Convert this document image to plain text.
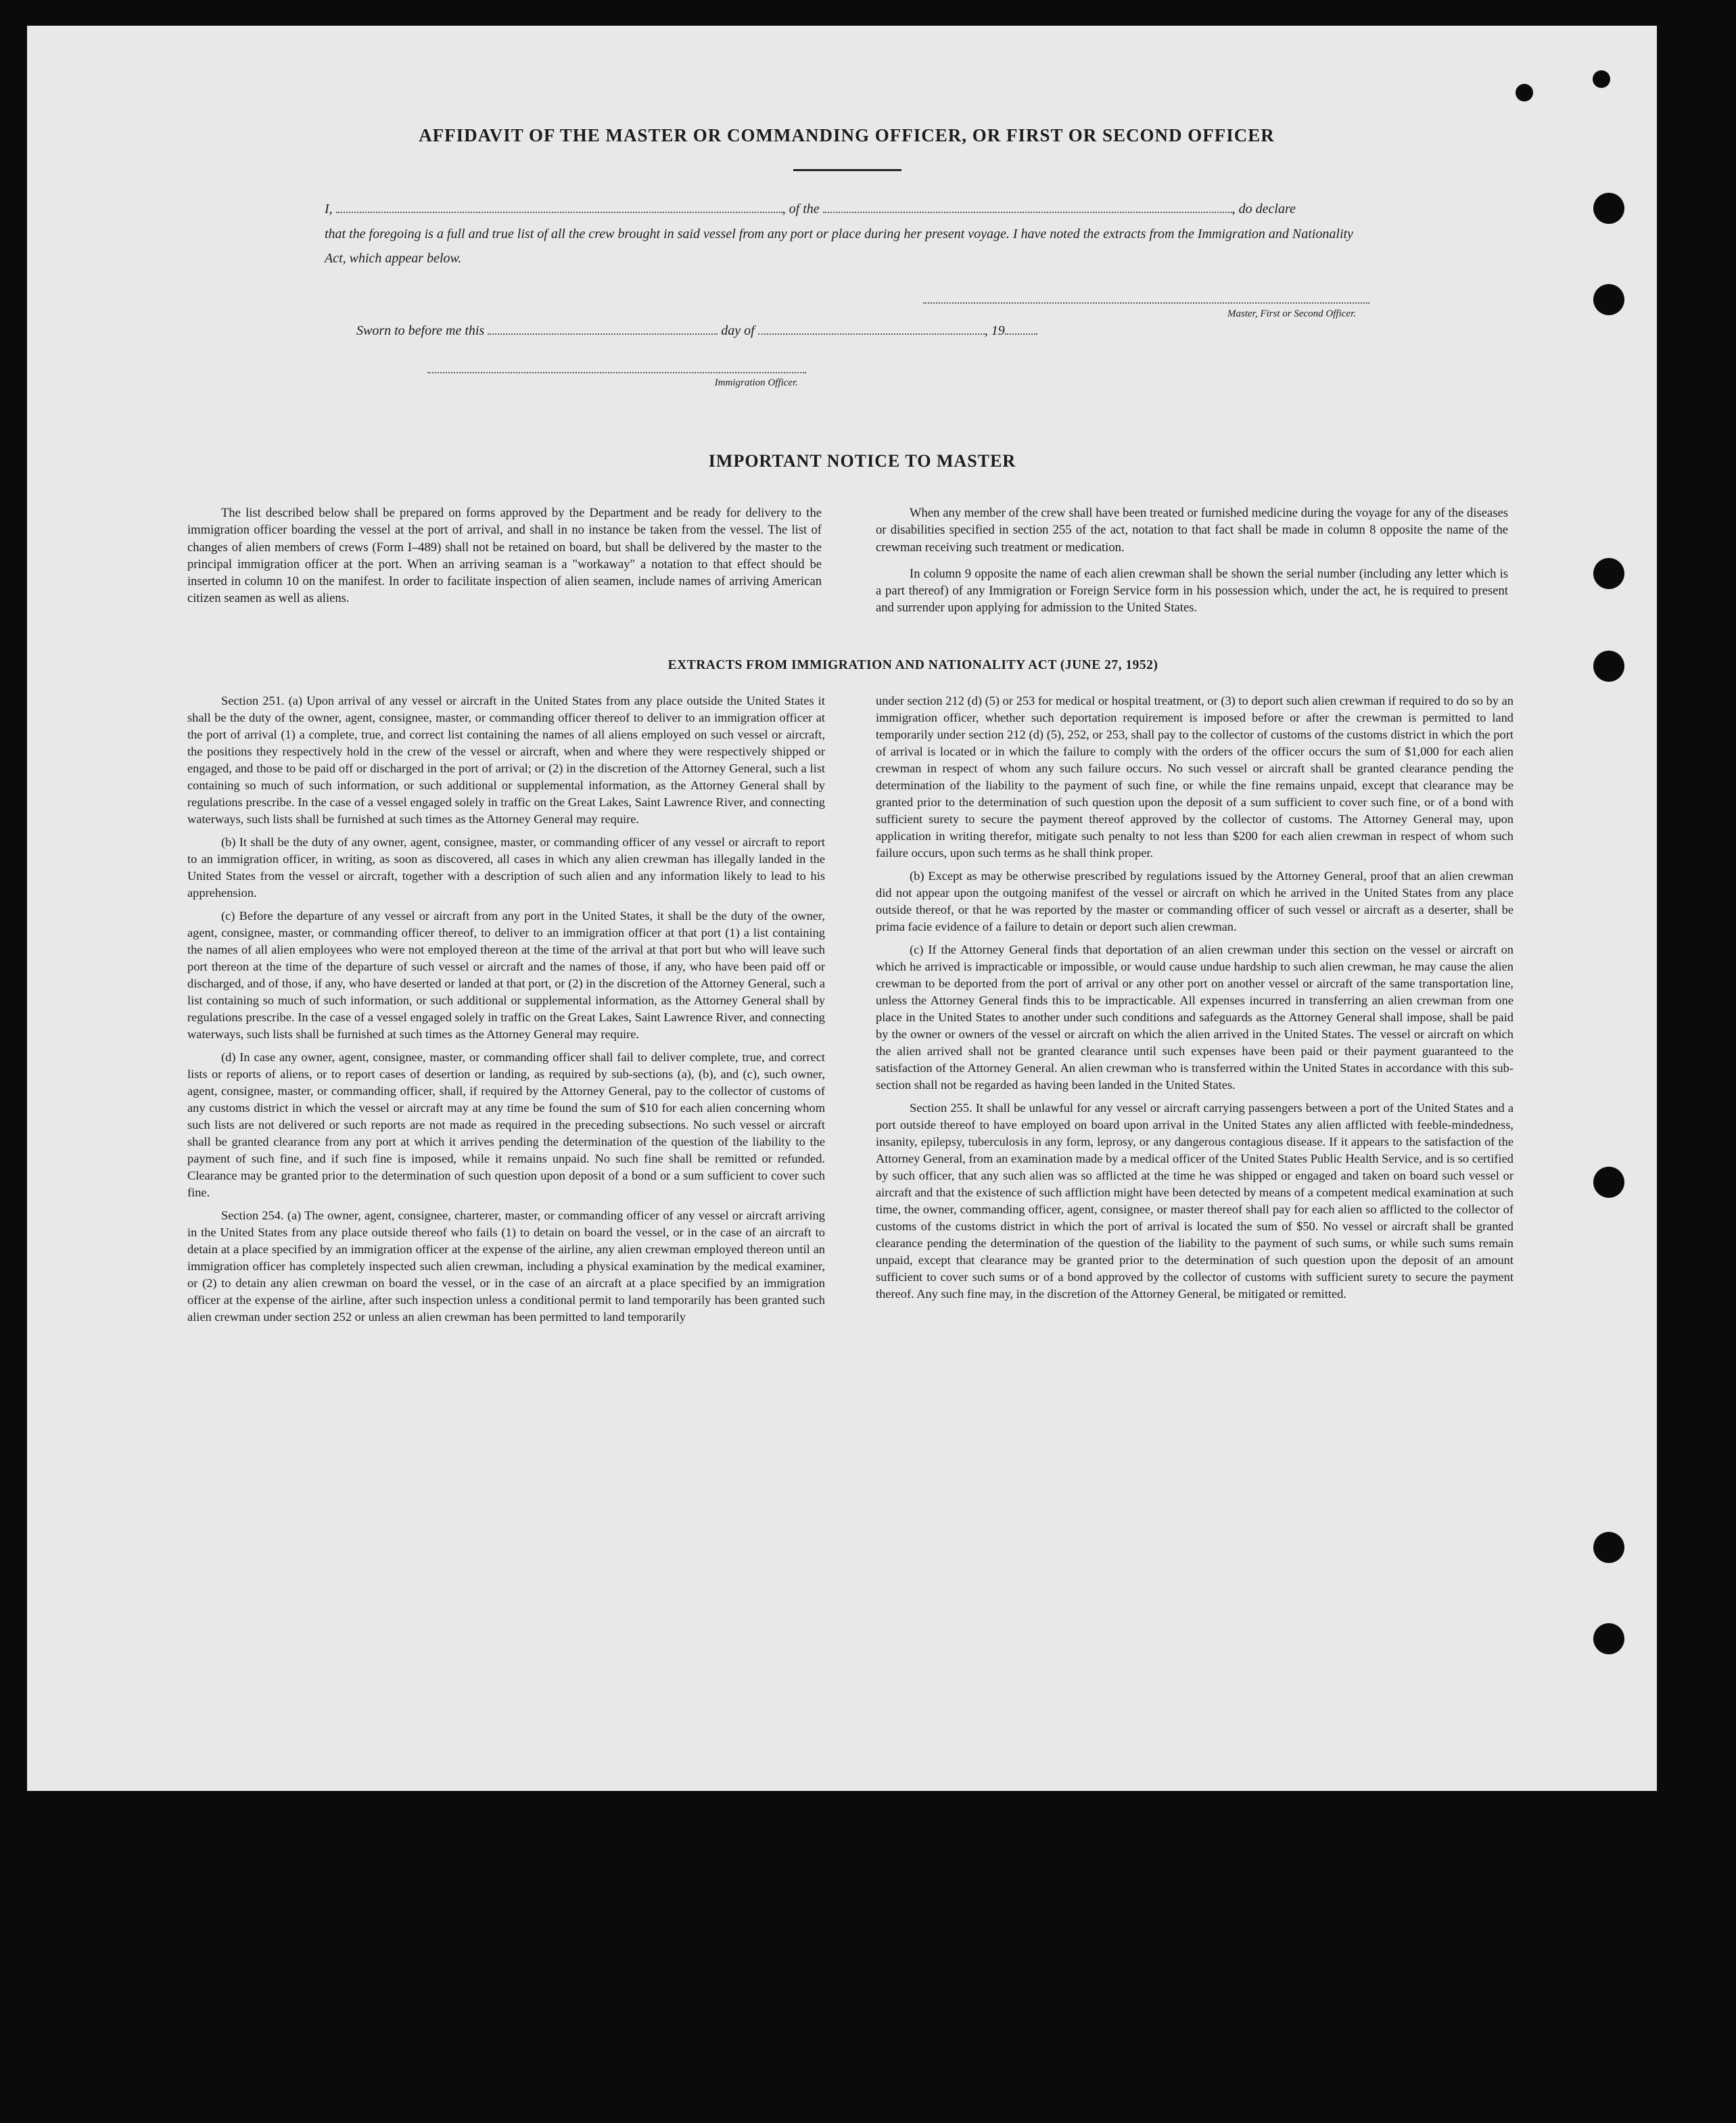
AFFIDAVIT OF THE MASTER OR COMMANDING OFFICER, OR FIRST OR SECOND OFFICER
I,	, of the	, do declare
that the foregoing is a full and true list of all the crew brought in said vessel from any port or place during her present voyage. I have noted the extracts from the Immigration and Nationality Act, which appear below.
Master, First or Second Officer.
Sworn to before me this	day of	, 19
Immigration Officer.
IMPORTANT NOTICE TO MASTER

The list described below shall be prepared on forms approved by the Department and be ready for delivery to the immigration officer boarding the vessel at the port of arrival, and shall in no instance be taken from the vessel. The list of changes of alien members of crews (Form I–489) shall not be retained on board, but shall be delivered by the master to the principal immigration officer at the port. When an arriving seaman is a "workaway" a notation to that effect should be inserted in column 10 on the manifest. In order to facilitate inspection of alien seamen, include names of arriving American citizen seamen as well as aliens.

When any member of the crew shall have been treated or furnished medicine during the voyage for any of the diseases or disabilities specified in section 255 of the act, notation to that fact shall be made in column 8 opposite the name of the crewman receiving such treatment or medication.

In column 9 opposite the name of each alien crewman shall be shown the serial number (including any letter which is a part thereof) of any Immigration or Foreign Service form in his possession which, under the act, he is required to present and surrender upon applying for admission to the United States.

EXTRACTS FROM IMMIGRATION AND NATIONALITY ACT (JUNE 27, 1952)

Section 251. (a) Upon arrival of any vessel or aircraft in the United States from any place outside the United States it shall be the duty of the owner, agent, consignee, master, or commanding officer thereof to deliver to an immigration officer at the port of arrival (1) a complete, true, and correct list containing the names of all aliens employed on such vessel or aircraft, the positions they respectively hold in the crew of the vessel or aircraft, when and where they were respectively shipped or engaged, and those to be paid off or discharged in the port of arrival; or (2) in the discretion of the Attorney General, such a list containing so much of such information, or such additional or supplemental information, as the Attorney General shall by regulations prescribe. In the case of a vessel engaged solely in traffic on the Great Lakes, Saint Lawrence River, and connecting waterways, such lists shall be furnished at such times as the Attorney General may require.

(b) It shall be the duty of any owner, agent, consignee, master, or commanding officer of any vessel or aircraft to report to an immigration officer, in writing, as soon as discovered, all cases in which any alien crewman has illegally landed in the United States from the vessel or aircraft, together with a description of such alien and any information likely to lead to his apprehension.

(c) Before the departure of any vessel or aircraft from any port in the United States, it shall be the duty of the owner, agent, consignee, master, or commanding officer thereof, to deliver to an immigration officer at that port (1) a list containing the names of all alien employees who were not employed thereon at the time of the arrival at that port but who will leave such port thereon at the time of the departure of such vessel or aircraft and the names of those, if any, who have been paid off or discharged, and of those, if any, who have deserted or landed at that port, or (2) in the discretion of the Attorney General, such a list containing so much of such information, or such additional or supplemental information, as the Attorney General shall by regulations prescribe. In the case of a vessel engaged solely in traffic on the Great Lakes, Saint Lawrence River, and connecting waterways, such lists shall be furnished at such times as the Attorney General may require.

(d) In case any owner, agent, consignee, master, or commanding officer shall fail to deliver complete, true, and correct lists or reports of aliens, or to report cases of desertion or landing, as required by sub-sections (a), (b), and (c), such owner, agent, consignee, master, or commanding officer, shall, if required by the Attorney General, pay to the collector of customs of any customs district in which the vessel or aircraft may at any time be found the sum of $10 for each alien concerning whom such lists are not delivered or such reports are not made as required in the preceding subsections. No such vessel or aircraft shall be granted clearance from any port at which it arrives pending the determination of the question of the liability to the payment of such fine, and if such fine is imposed, while it remains unpaid. No such fine shall be remitted or refunded. Clearance may be granted prior to the determination of such question upon deposit of a bond or a sum sufficient to cover such fine.

Section 254. (a) The owner, agent, consignee, charterer, master, or commanding officer of any vessel or aircraft arriving in the United States from any place outside thereof who fails (1) to detain on board the vessel, or in the case of an aircraft to detain at a place specified by an immigration officer at the expense of the airline, any alien crewman employed thereon until an immigration officer has completely inspected such alien crewman, including a physical examination by the medical examiner, or (2) to detain any alien crewman on board the vessel, or in the case of an aircraft at a place specified by an immigration officer at the expense of the airline, after such inspection unless a conditional permit to land temporarily has been granted such alien crewman under section 252 or unless an alien crewman has been permitted to land temporarily

under section 212 (d) (5) or 253 for medical or hospital treatment, or (3) to deport such alien crewman if required to do so by an immigration officer, whether such deportation requirement is imposed before or after the crewman is permitted to land temporarily under section 212 (d) (5), 252, or 253, shall pay to the collector of customs of the customs district in which the port of arrival is located or in which the failure to comply with the orders of the officer occurs the sum of $1,000 for each alien crewman in respect of whom any such failure occurs. No such vessel or aircraft shall be granted clearance pending the determination of the liability to the payment of such fine, or while the fine remains unpaid, except that clearance may be granted prior to the determination of such question upon the deposit of a sum sufficient to cover such fine, or of a bond with sufficient surety to secure the payment thereof approved by the collector of customs. The Attorney General may, upon application in writing therefor, mitigate such penalty to not less than $200 for each alien crewman in respect of whom such failure occurs, upon such terms as he shall think proper.

(b) Except as may be otherwise prescribed by regulations issued by the Attorney General, proof that an alien crewman did not appear upon the outgoing manifest of the vessel or aircraft on which he arrived in the United States from any place outside thereof, or that he was reported by the master or commanding officer of such vessel or aircraft as a deserter, shall be prima facie evidence of a failure to detain or deport such alien crewman.

(c) If the Attorney General finds that deportation of an alien crewman under this section on the vessel or aircraft on which he arrived is impracticable or impossible, or would cause undue hardship to such alien crewman, he may cause the alien crewman to be deported from the port of arrival or any other port on another vessel or aircraft of the same transportation line, unless the Attorney General finds this to be impracticable. All expenses incurred in transferring an alien crewman from one place in the United States to another under such conditions and safeguards as the Attorney General shall impose, shall be paid by the owner or owners of the vessel or aircraft on which the alien arrived in the United States. The vessel or aircraft on which the alien arrived shall not be granted clearance until such expenses have been paid or their payment guaranteed to the satisfaction of the Attorney General. An alien crewman who is transferred within the United States in accordance with this sub-section shall not be regarded as having been landed in the United States.

Section 255. It shall be unlawful for any vessel or aircraft carrying passengers between a port of the United States and a port outside thereof to have employed on board upon arrival in the United States any alien afflicted with feeble-mindedness, insanity, epilepsy, tuberculosis in any form, leprosy, or any dangerous contagious disease. If it appears to the satisfaction of the Attorney General, from an examination made by a medical officer of the United States Public Health Service, and is so certified by such officer, that any such alien was so afflicted at the time he was shipped or engaged and taken on board such vessel or aircraft and that the existence of such affliction might have been detected by means of a competent medical examination at such time, the owner, commanding officer, agent, consignee, or master thereof shall pay for each alien so afflicted to the collector of customs of the customs district in which the port of arrival is located the sum of $50. No vessel or aircraft shall be granted clearance pending the determination of the question of the liability to the payment of such sums, or while such sums remain unpaid, except that clearance may be granted prior to the determination of such question upon the deposit of an amount sufficient to cover such sums or of a bond approved by the collector of customs with sufficient surety to secure the payment thereof. Any such fine may, in the discretion of the Attorney General, be mitigated or remitted.
